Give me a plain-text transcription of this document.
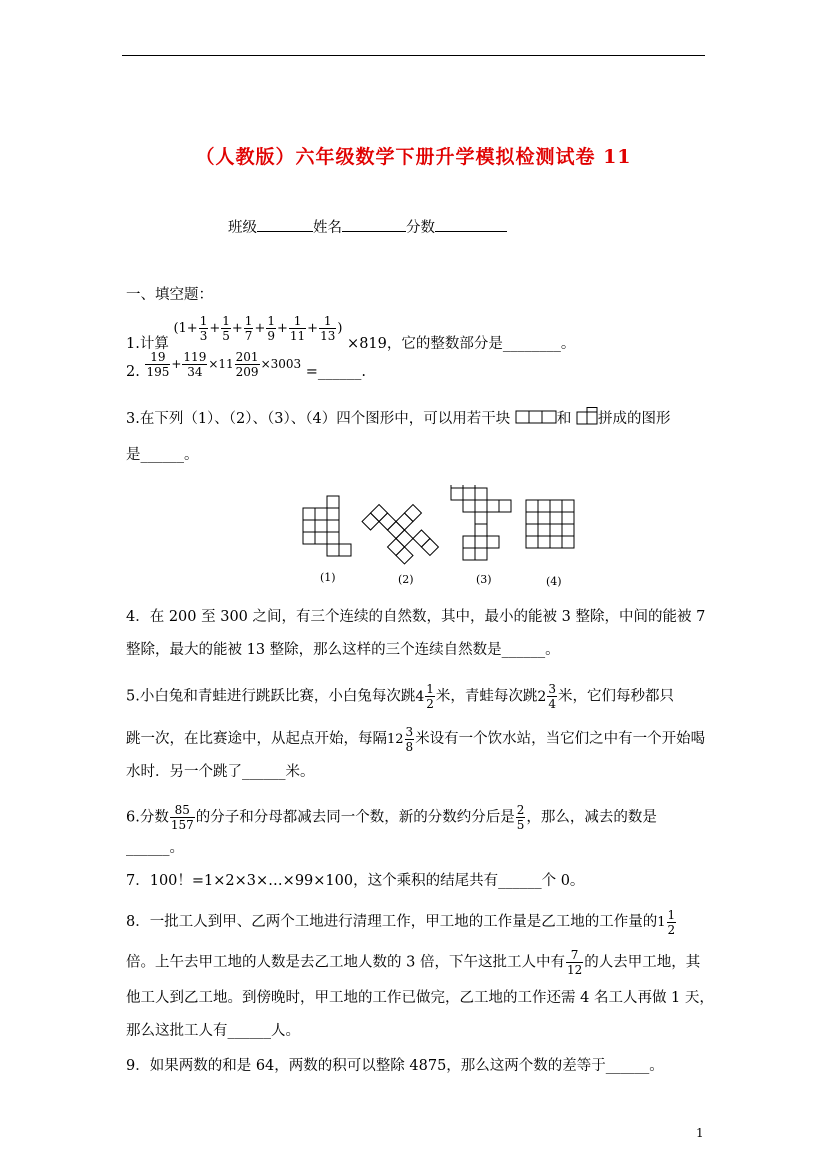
（人教版）六年级数学下册升学模拟检测试卷 11
班级	姓名	分数
一、填空题：
1.计算 ($1+ \frac{1}{3} + \frac{1}{5} + \frac{1}{7} + \frac{1}{9} + \frac{1}{11} + \frac{1}{13}$ ) ×819，它的整数部分是________。
2. $\frac{19}{195} + \frac{119}{34} \times 11 \frac{201}{209} \times 3003$ =______.
3.在下列（1）、（2）、（3）、（4）四个图形中，可以用若干块	和 拼成的图形
是______。
(1)	(2)	(3)	(4)
4．在 200 至 300 之间，有三个连续的自然数，其中，最小的能被 3 整除，中间的能被 7
整除，最大的能被 13 整除，那么这样的三个连续自然数是______。
5.小白兔和青蛙进行跳跃比赛，小白兔每次跳$4 \frac{1}{2}$ 米，青蛙每次跳$2 \frac{3}{4}$ 米，它们每秒都只
跳一次，在比赛途中，从起点开始，每隔$12 \frac{3}{8}$ 米设有一个饮水站，当它们之中有一个开始喝
水时．另一个跳了______米。
6.分数 $\frac{85}{157}$ 的分子和分母都减去同一个数，新的分数约分后是 $\frac{2}{5}$ ，那么，减去的数是
______。
7．100！=1×2×3×…×99×100，这个乘积的结尾共有______个 0。
8．一批工人到甲、乙两个工地进行清理工作，甲工地的工作量是乙工地的工作量的$1 \frac{1}{2}$
倍。上午去甲工地的人数是去乙工地人数的 3 倍，下午这批工人中有 $\frac{7}{12}$ 的人去甲工地，其
他工人到乙工地。到傍晚时，甲工地的工作已做完，乙工地的工作还需 4 名工人再做 1 天，
那么这批工人有______人。
9．如果两数的和是 64，两数的积可以整除 4875，那么这两个数的差等于______。
1
